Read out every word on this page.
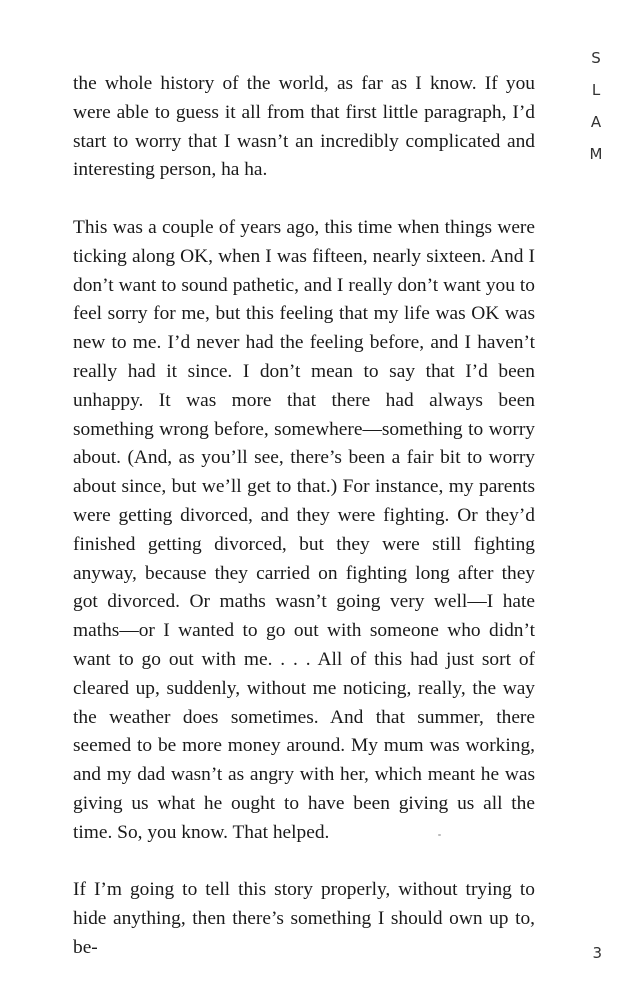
S
L
A
M

the whole history of the world, as far as I know. If you were able to guess it all from that first little paragraph, I’d start to worry that I wasn’t an incredibly complicated and interesting person, ha ha.

This was a couple of years ago, this time when things were ticking along OK, when I was fifteen, nearly sixteen. And I don’t want to sound pathetic, and I really don’t want you to feel sorry for me, but this feeling that my life was OK was new to me. I’d never had the feeling before, and I haven’t really had it since. I don’t mean to say that I’d been unhappy. It was more that there had always been something wrong before, somewhere—something to worry about. (And, as you’ll see, there’s been a fair bit to worry about since, but we’ll get to that.) For instance, my parents were getting divorced, and they were fighting. Or they’d finished getting divorced, but they were still fighting anyway, because they carried on fighting long after they got divorced. Or maths wasn’t going very well—I hate maths—or I wanted to go out with someone who didn’t want to go out with me. . . . All of this had just sort of cleared up, suddenly, without me noticing, really, the way the weather does sometimes. And that summer, there seemed to be more money around. My mum was working, and my dad wasn’t as angry with her, which meant he was giving us what he ought to have been giving us all the time. So, you know. That helped.

If I’m going to tell this story properly, without trying to hide anything, then there’s something I should own up to, be-	3
